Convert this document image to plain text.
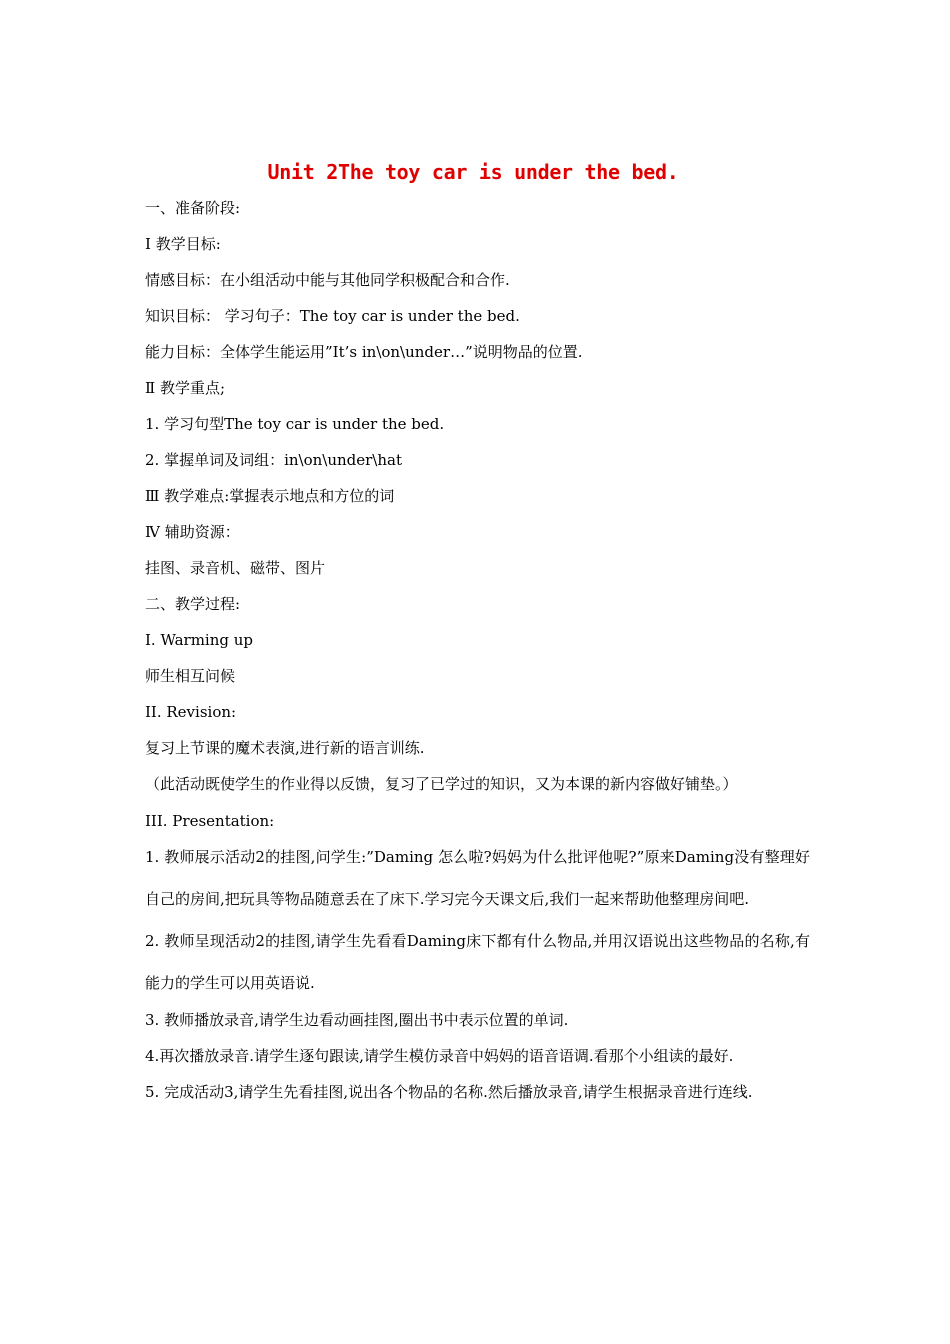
Unit 2The toy car is under the bed.

一、准备阶段:

Ⅰ 教学目标:

情感目标：在小组活动中能与其他同学积极配合和合作.

知识目标： 学习句子：The toy car is under the bed.

能力目标：全体学生能运用”It’s in\on\under…”说明物品的位置.

Ⅱ 教学重点;

1. 学习句型The toy car is under the bed.

2. 掌握单词及词组：in\on\under\hat

Ⅲ 教学难点:掌握表示地点和方位的词

Ⅳ 辅助资源：

挂图、录音机、磁带、图片

二、教学过程:

I. Warming up

师生相互问候

II. Revision:

复习上节课的魔术表演,进行新的语言训练.

（此活动既使学生的作业得以反馈，复习了已学过的知识，又为本课的新内容做好铺垫。）

III. Presentation:

1. 教师展示活动2的挂图,问学生:”Daming 怎么啦?妈妈为什么批评他呢?”原来Daming没有整理好自己的房间,把玩具等物品随意丢在了床下.学习完今天课文后,我们一起来帮助他整理房间吧.

2. 教师呈现活动2的挂图,请学生先看看Daming床下都有什么物品,并用汉语说出这些物品的名称,有能力的学生可以用英语说.

3. 教师播放录音,请学生边看动画挂图,圈出书中表示位置的单词.

4.再次播放录音.请学生逐句跟读,请学生模仿录音中妈妈的语音语调.看那个小组读的最好.

5. 完成活动3,请学生先看挂图,说出各个物品的名称.然后播放录音,请学生根据录音进行连线.
